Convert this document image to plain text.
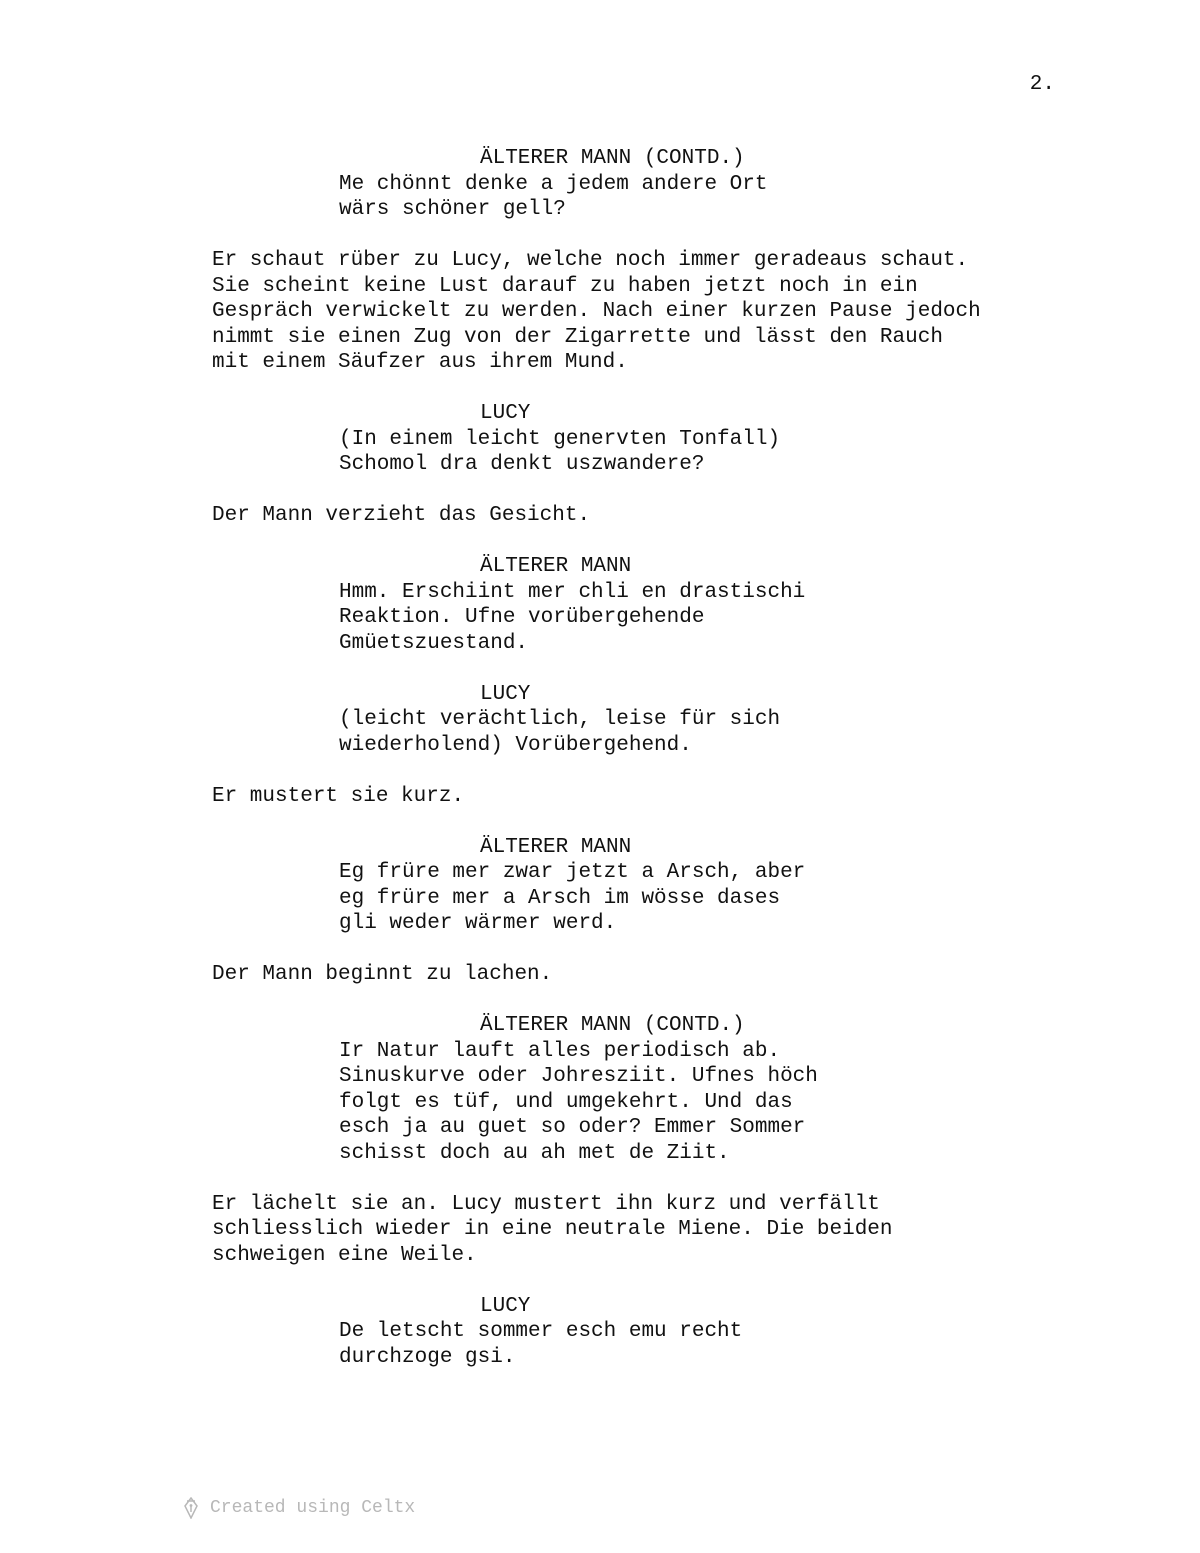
2.

ÄLTERER MANN (CONTD.)

Me chönnt denke a jedem andere Ort
wärs schöner gell?

Er schaut rüber zu Lucy, welche noch immer geradeaus schaut.
Sie scheint keine Lust darauf zu haben jetzt noch in ein
Gespräch verwickelt zu werden. Nach einer kurzen Pause jedoch
nimmt sie einen Zug von der Zigarrette und lässt den Rauch
mit einem Säufzer aus ihrem Mund.

LUCY

(In einem leicht genervten Tonfall)
Schomol dra denkt uszwandere?

Der Mann verzieht das Gesicht.

ÄLTERER MANN

Hmm. Erschiint mer chli en drastischi
Reaktion. Ufne vorübergehende
Gmüetszuestand.

LUCY

(leicht verächtlich, leise für sich
wiederholend) Vorübergehend.

Er mustert sie kurz.

ÄLTERER MANN

Eg früre mer zwar jetzt a Arsch, aber
eg früre mer a Arsch im wösse dases
gli weder wärmer werd.

Der Mann beginnt zu lachen.

ÄLTERER MANN (CONTD.)

Ir Natur lauft alles periodisch ab.
Sinuskurve oder Johresziit. Ufnes höch
folgt es tüf, und umgekehrt. Und das
esch ja au guet so oder? Emmer Sommer
schisst doch au ah met de Ziit.

Er lächelt sie an. Lucy mustert ihn kurz und verfällt
schliesslich wieder in eine neutrale Miene. Die beiden
schweigen eine Weile.

LUCY

De letscht sommer esch emu recht
durchzoge gsi.

Created using Celtx
